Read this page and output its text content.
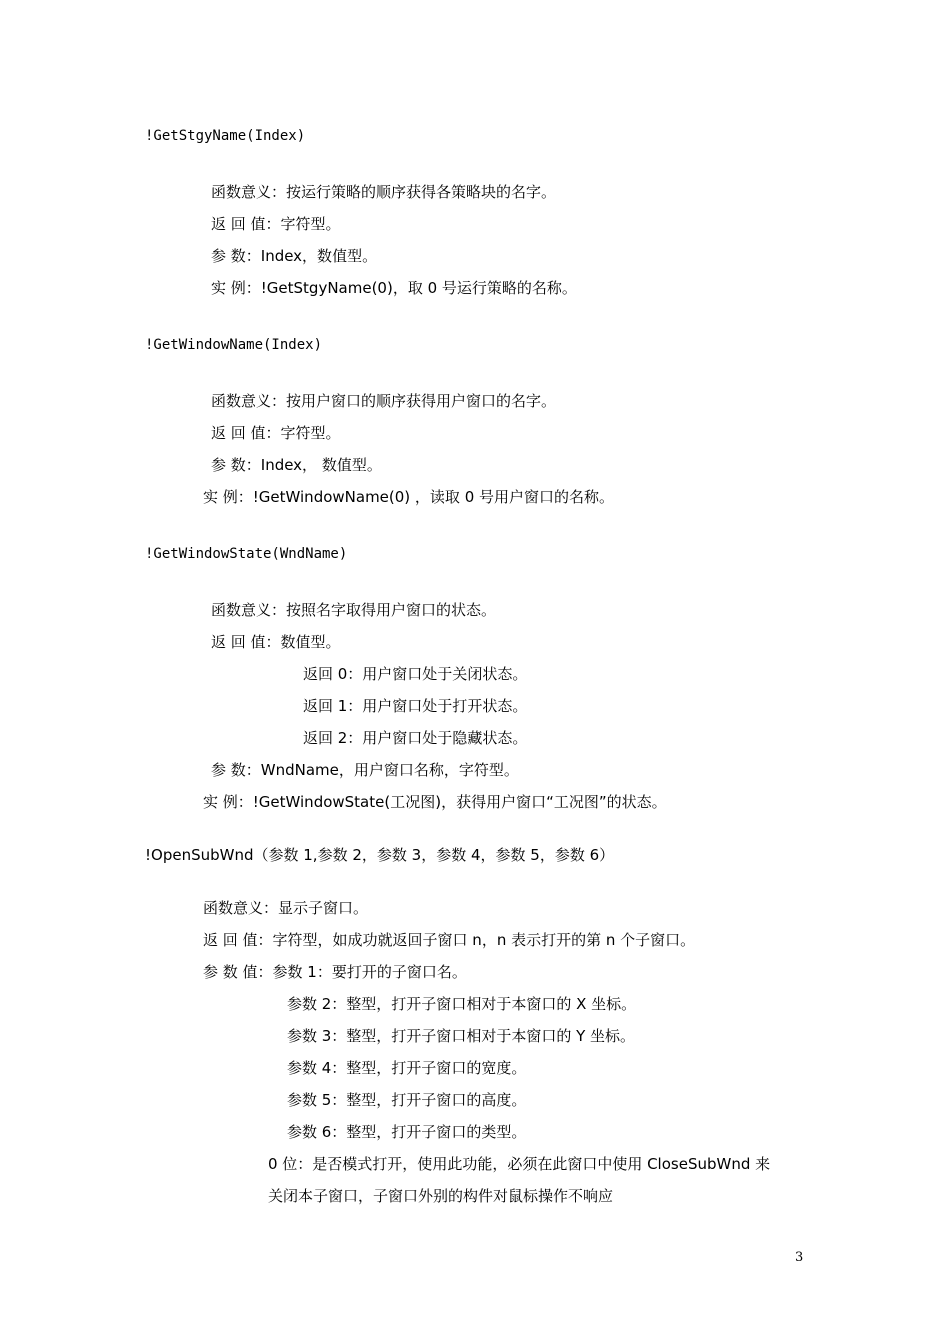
!GetStgyName(Index)
函数意义：按运行策略的顺序获得各策略块的名字。
返 回 值：字符型。
参 数：Index，数值型。
实 例：!GetStgyName(0)，取 0 号运行策略的名称。
!GetWindowName(Index)
函数意义：按用户窗口的顺序获得用户窗口的名字。
返 回 值：字符型。
参 数：Index， 数值型。
实 例：!GetWindowName(0) ，读取 0 号用户窗口的名称。
!GetWindowState(WndName)
函数意义：按照名字取得用户窗口的状态。
返 回 值：数值型。
返回 0：用户窗口处于关闭状态。
返回 1：用户窗口处于打开状态。
返回 2：用户窗口处于隐藏状态。
参 数：WndName，用户窗口名称，字符型。
实 例：!GetWindowState(工况图)，获得用户窗口“工况图”的状态。
!OpenSubWnd（参数 1,参数 2，参数 3，参数 4，参数 5，参数 6）
函数意义：显示子窗口。
返 回 值：字符型，如成功就返回子窗口 n，n 表示打开的第 n 个子窗口。
参 数 值：参数 1：要打开的子窗口名。
参数 2：整型，打开子窗口相对于本窗口的 X 坐标。
参数 3：整型，打开子窗口相对于本窗口的 Y 坐标。
参数 4：整型，打开子窗口的宽度。
参数 5：整型，打开子窗口的高度。
参数 6：整型，打开子窗口的类型。
0 位：是否模式打开，使用此功能，必须在此窗口中使用 CloseSubWnd 来
关闭本子窗口，子窗口外别的构件对鼠标操作不响应
3
